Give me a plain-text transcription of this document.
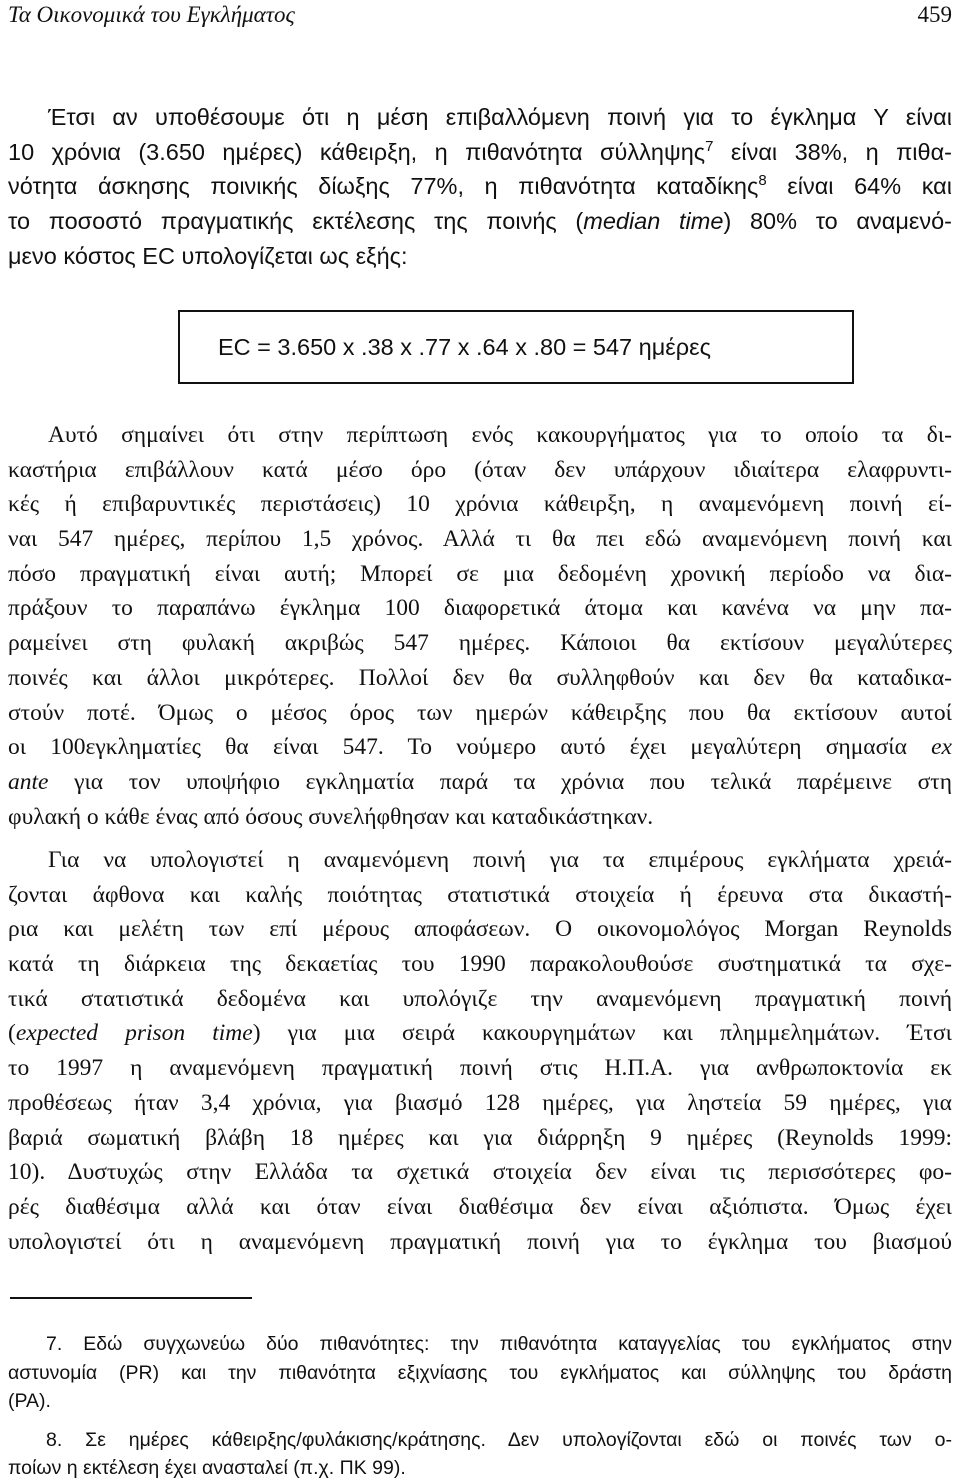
Τα Οικονομικά του Εγκλήματος	459
Έτσι αν υποθέσουμε ότι η μέση επιβαλλόμενη ποινή για το έγκλημα Υ είναι
10 χρόνια (3.650 ημέρες) κάθειρξη, η πιθανότητα σύλληψης$^7$ είναι 38%, η πιθα-
νότητα άσκησης ποινικής δίωξης 77%, η πιθανότητα καταδίκης$^8$ είναι 64% και
το ποσοστό πραγματικής εκτέλεσης της ποινής (median time) 80% το αναμενό-
μενο κόστος EC υπολογίζεται ως εξής:
EC = 3.650 x .38 x .77 x .64 x .80 = 547 ημέρες
Αυτό σημαίνει ότι στην περίπτωση ενός κακουργήματος για το οποίο τα δι-
καστήρια επιβάλλουν κατά μέσο όρο (όταν δεν υπάρχουν ιδιαίτερα ελαφρυντι-
κές ή επιβαρυντικές περιστάσεις) 10 χρόνια κάθειρξη, η αναμενόμενη ποινή εί-
ναι 547 ημέρες, περίπου 1,5 χρόνος. Αλλά τι θα πει εδώ αναμενόμενη ποινή και
πόσο πραγματική είναι αυτή; Μπορεί σε μια δεδομένη χρονική περίοδο να δια-
πράξουν το παραπάνω έγκλημα 100 διαφορετικά άτομα και κανένα να μην πα-
ραμείνει στη φυλακή ακριβώς 547 ημέρες. Κάποιοι θα εκτίσουν μεγαλύτερες
ποινές και άλλοι μικρότερες. Πολλοί δεν θα συλληφθούν και δεν θα καταδικα-
στούν ποτέ. Όμως ο μέσος όρος των ημερών κάθειρξης που θα εκτίσουν αυτοί
οι 100εγκληματίες θα είναι 547. Το νούμερο αυτό έχει μεγαλύτερη σημασία ex
ante για τον υποψήφιο εγκληματία παρά τα χρόνια που τελικά παρέμεινε στη
φυλακή ο κάθε ένας από όσους συνελήφθησαν και καταδικάστηκαν.
Για να υπολογιστεί η αναμενόμενη ποινή για τα επιμέρους εγκλήματα χρειά-
ζονται άφθονα και καλής ποιότητας στατιστικά στοιχεία ή έρευνα στα δικαστή-
ρια και μελέτη των επί μέρους αποφάσεων. Ο οικονομολόγος Morgan Reynolds
κατά τη διάρκεια της δεκαετίας του 1990 παρακολουθούσε συστηματικά τα σχε-
τικά στατιστικά δεδομένα και υπολόγιζε την αναμενόμενη πραγματική ποινή
(expected prison time) για μια σειρά κακουργημάτων και πλημμελημάτων. Έτσι
το 1997 η αναμενόμενη πραγματική ποινή στις Η.Π.Α. για ανθρωποκτονία εκ
προθέσεως ήταν 3,4 χρόνια, για βιασμό 128 ημέρες, για ληστεία 59 ημέρες, για
βαριά σωματική βλάβη 18 ημέρες και για διάρρηξη 9 ημέρες (Reynolds 1999:
10). Δυστυχώς στην Ελλάδα τα σχετικά στοιχεία δεν είναι τις περισσότερες φο-
ρές διαθέσιμα αλλά και όταν είναι διαθέσιμα δεν είναι αξιόπιστα. Όμως έχει
υπολογιστεί ότι η αναμενόμενη πραγματική ποινή για το έγκλημα του βιασμού
7. Εδώ συγχωνεύω δύο πιθανότητες: την πιθανότητα καταγγελίας του εγκλήματος στην
αστυνομία (PR) και την πιθανότητα εξιχνίασης του εγκλήματος και σύλληψης του δράστη
(PA).
8. Σε ημέρες κάθειρξης/φυλάκισης/κράτησης. Δεν υπολογίζονται εδώ οι ποινές των ο-
ποίων η εκτέλεση έχει ανασταλεί (π.χ. ΠΚ 99).
